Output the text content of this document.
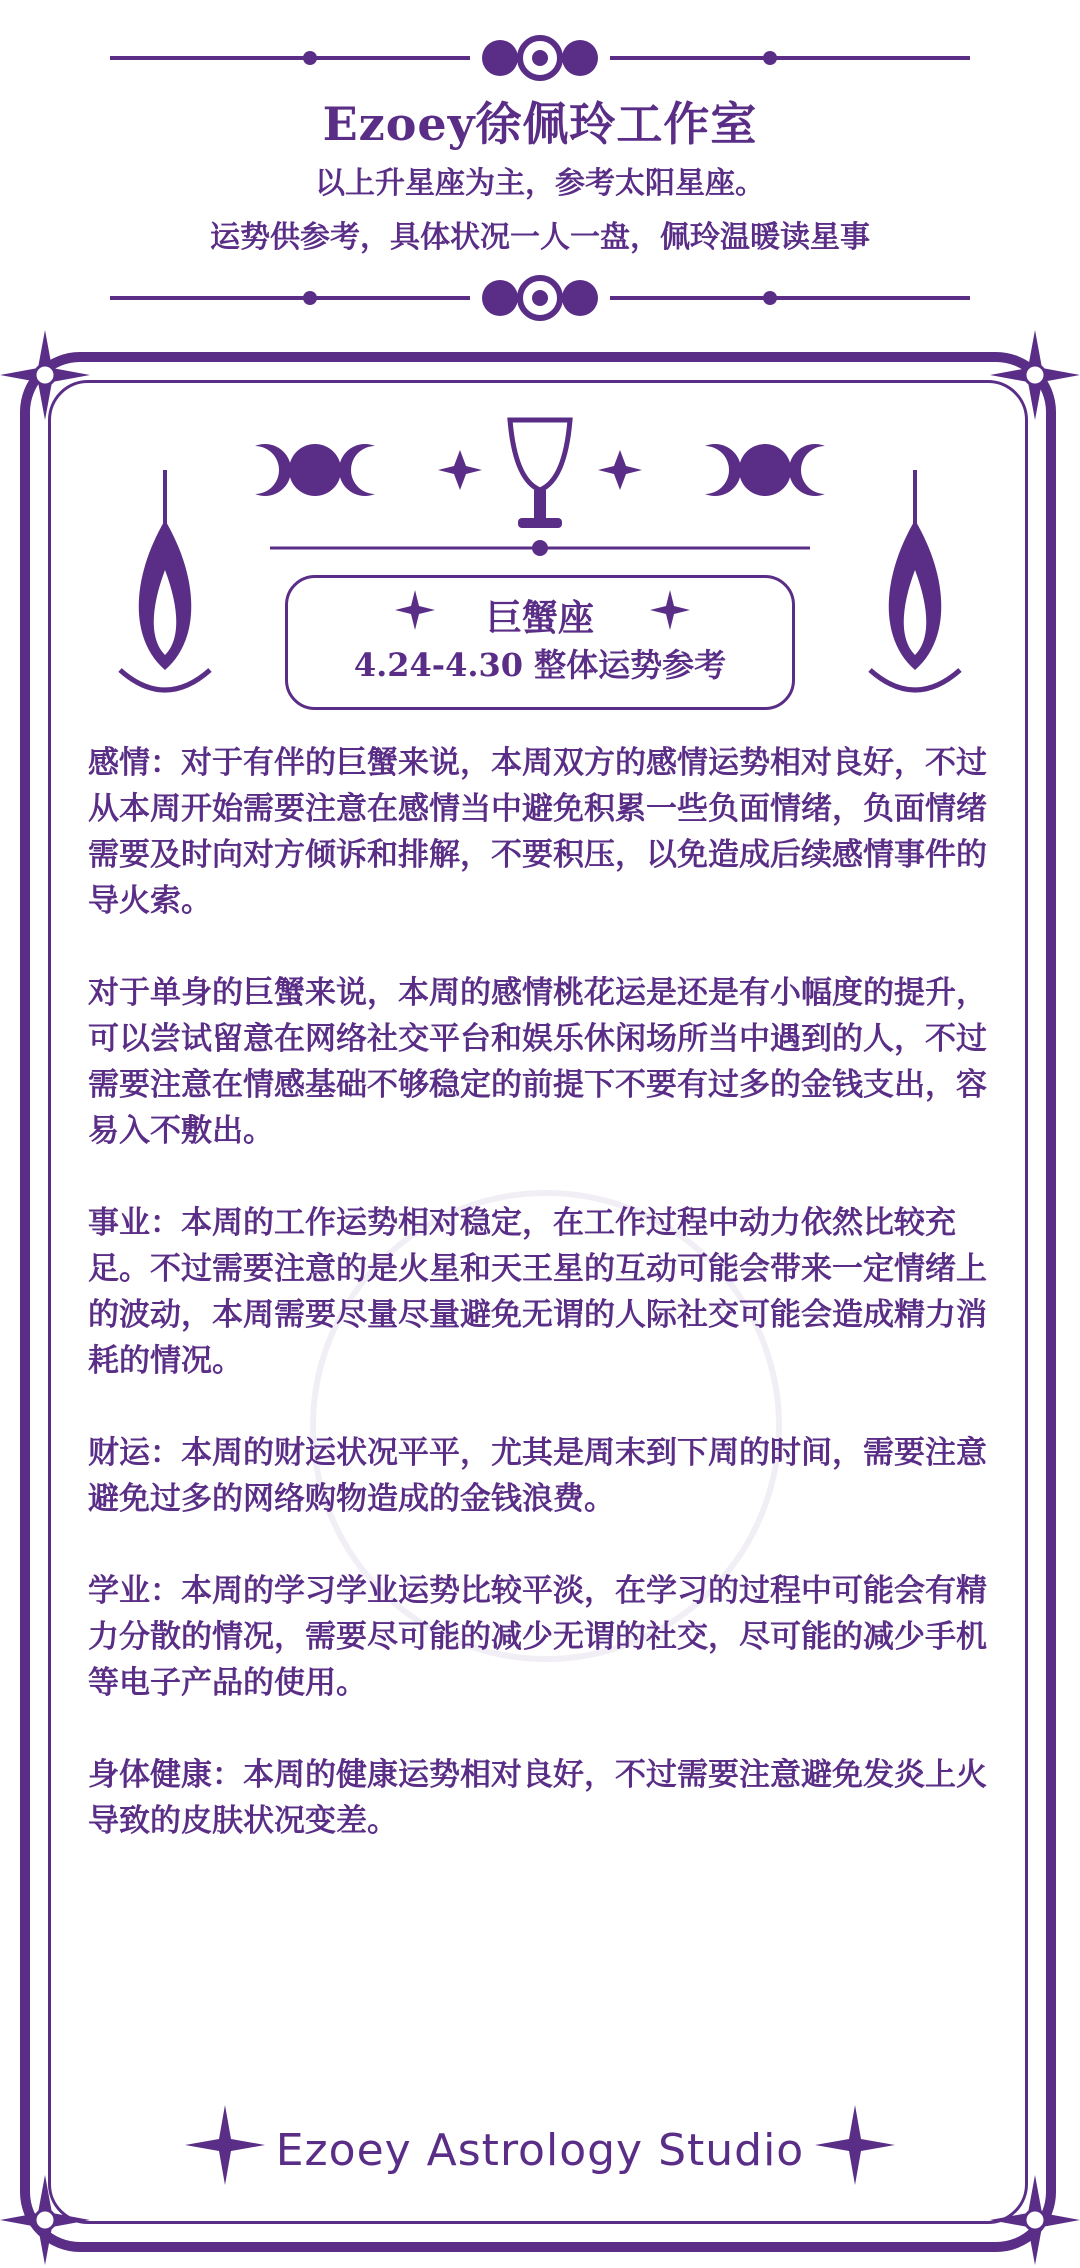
Ezoey徐佩玲工作室
以上升星座为主，参考太阳星座。
运势供参考，具体状况一人一盘，佩玲温暖读星事
巨蟹座
4.24-4.30 整体运势参考

感情：对于有伴的巨蟹来说，本周双方的感情运势相对良好，不过从本周开始需要注意在感情当中避免积累一些负面情绪，负面情绪需要及时向对方倾诉和排解，不要积压，以免造成后续感情事件的导火索。

对于单身的巨蟹来说，本周的感情桃花运是还是有小幅度的提升，可以尝试留意在网络社交平台和娱乐休闲场所当中遇到的人，不过需要注意在情感基础不够稳定的前提下不要有过多的金钱支出，容易入不敷出。

事业：本周的工作运势相对稳定，在工作过程中动力依然比较充足。不过需要注意的是火星和天王星的互动可能会带来一定情绪上的波动，本周需要尽量尽量避免无谓的人际社交可能会造成精力消耗的情况。

财运：本周的财运状况平平，尤其是周末到下周的时间，需要注意避免过多的网络购物造成的金钱浪费。

学业：本周的学习学业运势比较平淡，在学习的过程中可能会有精力分散的情况，需要尽可能的减少无谓的社交，尽可能的减少手机等电子产品的使用。

身体健康：本周的健康运势相对良好，不过需要注意避免发炎上火导致的皮肤状况变差。

Ezoey Astrology Studio
